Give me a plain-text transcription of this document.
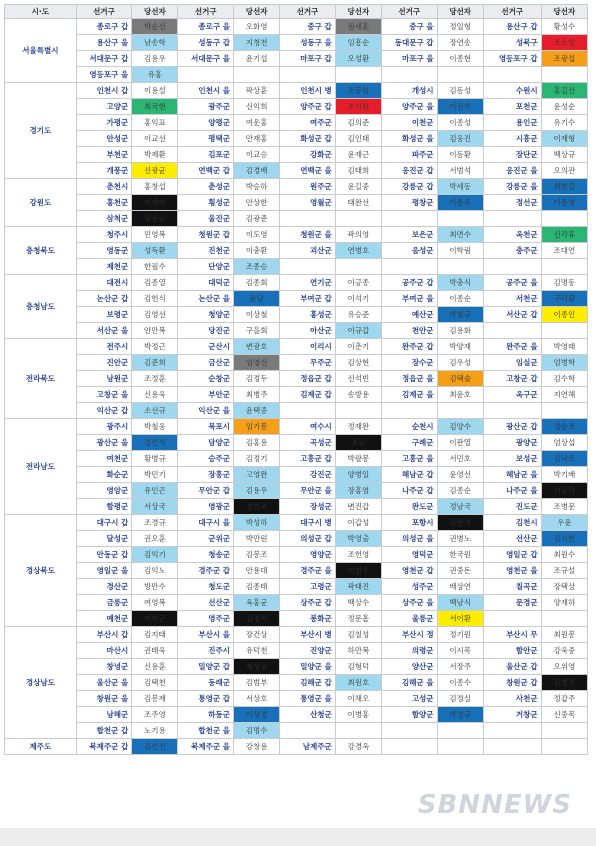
시·도	선거구	당선자	선거구	당선자	선거구	당선자	선거구	당선자	선거구	당선자
서울특별시	종로구 갑	박순선	종로구 을	오화영	중구 갑	원세훈	중구 을	정일형	용산구 갑	황성수
	용산구 을	남송학	성동구 갑	지청천	성동구 을	임흥순	동대문구 갑	장연송	성북구	조소앙
	서대문구 갑	김용우	서대문구 을	윤기섭	마포구 갑	오성환	마포구 을	이종현	영등포구 갑	조광섭
	영등포구 을	유홍								
경기도	인천시 갑	이용설	인천시 을	곽상훈	인천시 병	조봉암	개성시	김동성	수원시	홍길선
	고양군	최국현	광주군	신익희	양주군 갑	조시원	양주군 을	이진수	포천군	윤성순
	가평군	홍익표	양평군	여운홍	여주군	김의준	이천군	이종성	용인군	유기수
	안성군	이교선	평택군	안재홍	화성군 갑	김인태	화성군 을	김웅진	시흥군	이재형
	부천군	박제환	김포군	이교승	강화군	윤재근	파주군	이동환	장단군	백상규
	개풍군	신광균	연백군 갑	김경배	연백군 을	김태희	옹진군 갑	서범석	옹진군 을	오의관
강원도	춘천시	홍창섭	춘성군	박승하	원주군	윤길중	강릉군 갑	박세동	강릉군 을	최헌길
	홍천군	이재학	횡성군	안상한	영월군	태완선	평창군	이종욱	정선군	이종영
	삼척군	임용순	울진군	김광준						
충청북도	청주시	민영복	청원군 갑	이도영	청원군 을	곽의영	보은군	최면수	옥천군	신각휴
	영동군	성득환	진천군	이충환	괴산군	연병호	음성군	이학림	충주군	조대연
	제천군	한필수	단양군	조종승						
충청남도	대전시	김종열	대덕군	김종회	연기군	이긍종	공주군 갑	박충식	공주군 을	김명동
	논산군 갑	김헌식	논산군 을	윤담	부여군 갑	이석기	부여군 을	이종순	서천군	구덕환
	보령군	김영선	청양군	이상철	홍성군	유승준	예산군	박철규	서산군 갑	이종인
	서산군 을	안만복	당진군	구을회	아산군	이규갑	천안군	김용화		
전라북도	전주시	박정근	군산시	변광호	이리시	이춘기	완주군 갑	박양재	완주군 을	박영래
	진안군	김준희	금산군	임영신	무주군	김상현	장수군	김우성	임실군	엄병학
	남원군	조정훈	순창군	김정두	정읍군 갑	신석빈	정읍군 을	김택술	고창군 갑	김수학
	고창군 을	신용욱	부안군	최병주	김제군 갑	송방용	김제군 을	최윤호	옥구군	지연해
	익산군 갑	소선규	익산군 을	윤택중						
전라남도	광주시	박철웅	목포시	임기봉	여수시	정재완	순천시	김양수	광산군 갑	정순조
	광산군 을	정인식	담양군	김홍용	곡성군	조순	구례군	이판열	광양군	엄상섭
	여천군	황병규	승주군	김정기	고흥군 갑	박팔봉	고흥군 을	서민호	보성군	김낙오
	화순군	박민기	장흥군	고영완	강진군	양병일	해남군 갑	윤영선	해남군 을	박기배
	영암군	유인곤	무안군 갑	김용우	무안군 을	장홍염	나주군 갑	김종순	나주군 을	서상덕
	함평군	서상국	영광군	정헌조	장성군	변진갑	완도군	정남국	진도군	조병문
경상북도	대구시 갑	조경규	대구시 을	박성하	대구시 병	이갑성	포항시	김판석	김천시	우윤
	달성군	권오훈	군위군	박만원	의성군 갑	박영출	의성군 을	권병노	선산군	김시현
	안동군 갑	김익기	청송군	김봉조	영양군	조헌영	영덕군	한국원	영일군 갑	최원수
	영일군 을	김익노	경주군 갑	안용대	경주군 을	이협우	영천군 갑	권중돈	영천군 을	조규설
	경산군	방만수	청도군	김종태	고령군	곽태진	성주군	배상연	칠곡군	장택상
	금릉군	여영복	선산군	육홍균	상주군 갑	백상수	상주군 을	백남식	문경군	양재하
	예천군	이호근	영주군	김정식	봉화군	정문흠	울릉군	서이환		
경상남도	부산시 갑	김지태	부산시 을	장건상	부산시 병	김칠성	부산시 정	정기원	부산시 무	최원봉
	마산시	권태욱	진주시	유덕천	진양군	하만복	의령군	이시목	함안군	강욱중
	창녕군	신용훈	밀양군 갑	최성웅	밀양군 을	김형덕	양산군	서장주	울산군 갑	오위영
	울산군 을	김택천	동래군	김범부	김해군 갑	최원호	김해군 을	이종수	창원군 갑	김병진
	창원군 을	김봉재	통영군 갑	서상호	통영군 을	이채오	고성군	김정실	사천군	정갑주
	남해군	조주영	하동군	이상경	산청군	이병홍	함양군	박정규	거창군	신중목
	합천군 갑	노기용	합천군 을	김명수						
제주도	북제주군 갑	김인선	북제주군 을	강창용	남제주군	강경옥				
SBNNEWS
